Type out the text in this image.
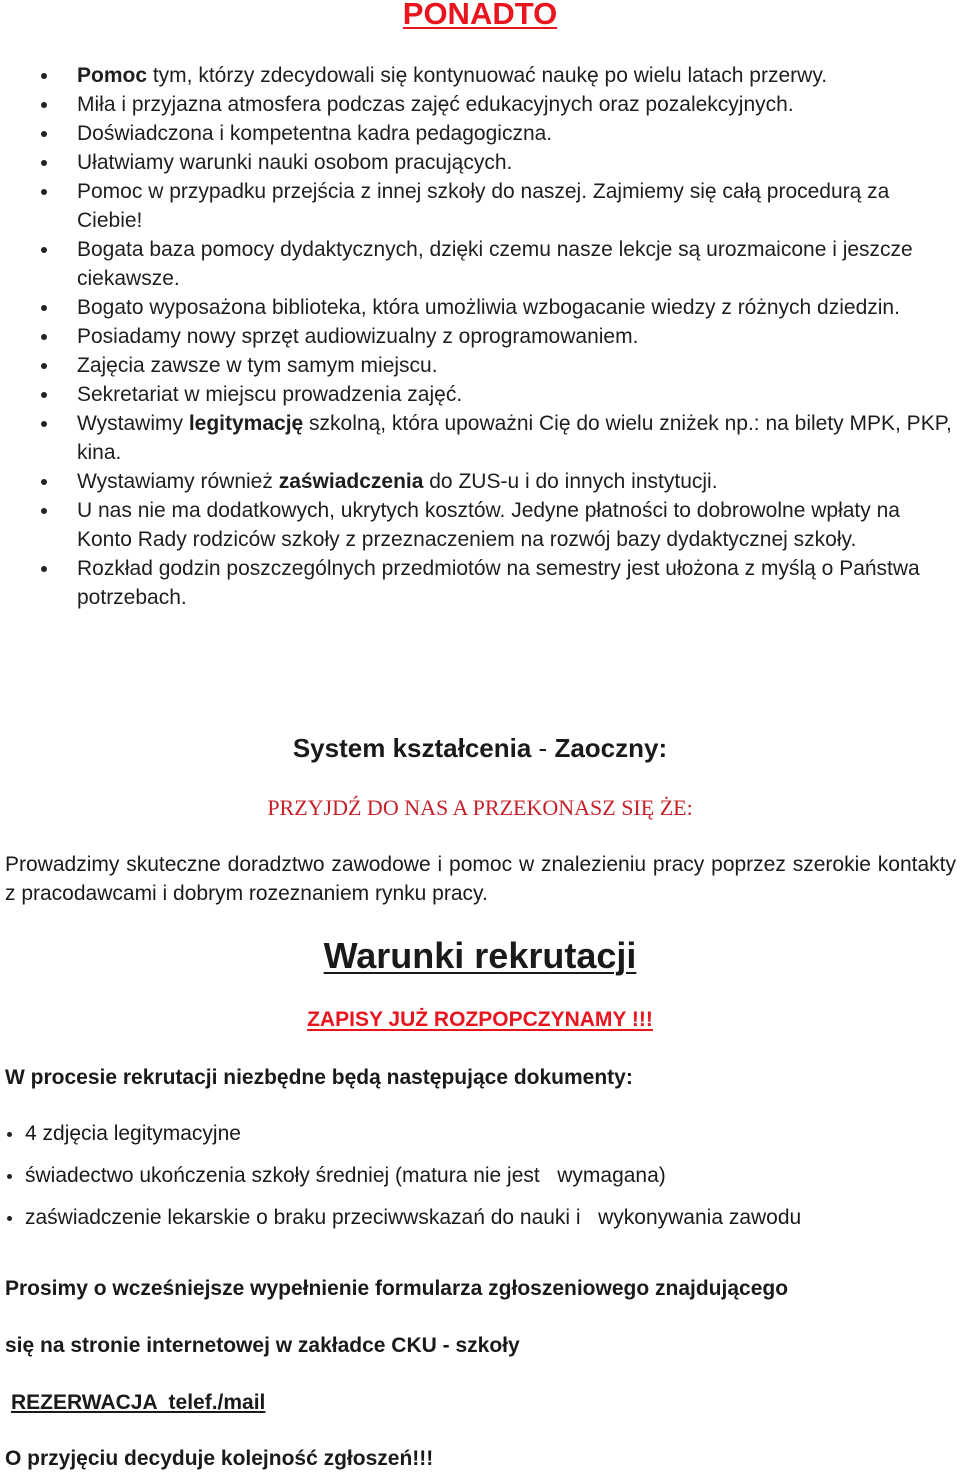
PONADTO
Pomoc tym, którzy zdecydowali się kontynuować naukę po wielu latach przerwy.
Miła i przyjazna atmosfera podczas zajęć edukacyjnych oraz pozalekcyjnych.
Doświadczona i kompetentna kadra pedagogiczna.
Ułatwiamy warunki nauki osobom pracujących.
Pomoc w przypadku przejścia z innej szkoły do naszej. Zajmiemy się całą procedurą za Ciebie!
Bogata baza pomocy dydaktycznych, dzięki czemu nasze lekcje są urozmaicone i jeszcze ciekawsze.
Bogato wyposażona biblioteka, która umożliwia wzbogacanie wiedzy z różnych dziedzin.
Posiadamy nowy sprzęt audiowizualny z oprogramowaniem.
Zajęcia zawsze w tym samym miejscu.
Sekretariat w miejscu prowadzenia zajęć.
Wystawimy legitymację szkolną, która upoważni Cię do wielu zniżek np.: na bilety MPK, PKP, kina.
Wystawiamy również zaświadczenia do ZUS-u i do innych instytucji.
U nas nie ma dodatkowych, ukrytych kosztów. Jedyne płatności to dobrowolne wpłaty na Konto Rady rodziców szkoły z przeznaczeniem na rozwój bazy dydaktycznej szkoły.
Rozkład godzin poszczególnych przedmiotów na semestry jest ułożona z myślą o Państwa potrzebach.
System kształcenia - Zaoczny:
PRZYJDŹ DO NAS A PRZEKONASZ SIĘ ŻE:
Prowadzimy skuteczne doradztwo zawodowe i pomoc w znalezieniu pracy poprzez szerokie kontakty z pracodawcami i dobrym rozeznaniem rynku pracy.
Warunki rekrutacji
ZAPISY JUŻ ROZPOPCZYNAMY !!!
W procesie rekrutacji niezbędne będą następujące dokumenty:
4 zdjęcia legitymacyjne
świadectwo ukończenia szkoły średniej (matura nie jest   wymagana)
zaświadczenie lekarskie o braku przeciwwskazań do nauki i   wykonywania zawodu
Prosimy o wcześniejsze wypełnienie formularza zgłoszeniowego znajdującego
się na stronie internetowej w zakładce CKU - szkoły
REZERWACJA  telef./mail
O przyjęciu decyduje kolejność zgłoszeń!!!
